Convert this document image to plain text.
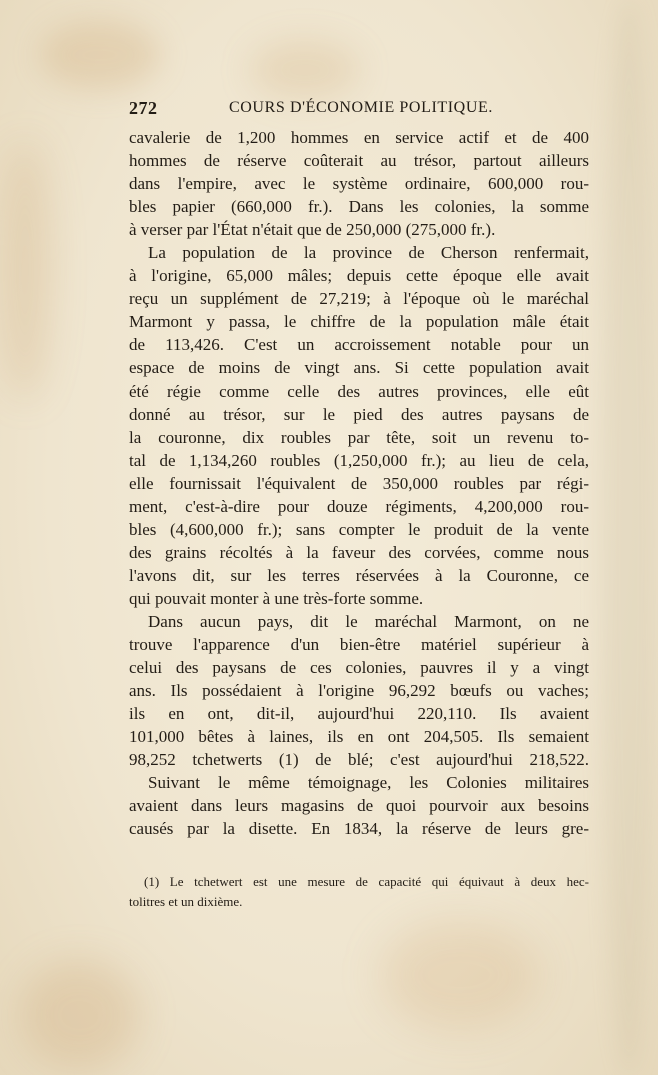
272	COURS D'ÉCONOMIE POLITIQUE.
cavalerie de 1,200 hommes en service actif et de 400
hommes de réserve coûterait au trésor, partout ailleurs
dans l'empire, avec le système ordinaire, 600,000 rou-
bles papier (660,000 fr.). Dans les colonies, la somme
à verser par l'État n'était que de 250,000 (275,000 fr.).
La population de la province de Cherson renfermait,
à l'origine, 65,000 mâles; depuis cette époque elle avait
reçu un supplément de 27,219; à l'époque où le maréchal
Marmont y passa, le chiffre de la population mâle était
de 113,426. C'est un accroissement notable pour un
espace de moins de vingt ans. Si cette population avait
été régie comme celle des autres provinces, elle eût
donné au trésor, sur le pied des autres paysans de
la couronne, dix roubles par tête, soit un revenu to-
tal de 1,134,260 roubles (1,250,000 fr.); au lieu de cela,
elle fournissait l'équivalent de 350,000 roubles par régi-
ment, c'est-à-dire pour douze régiments, 4,200,000 rou-
bles (4,600,000 fr.); sans compter le produit de la vente
des grains récoltés à la faveur des corvées, comme nous
l'avons dit, sur les terres réservées à la Couronne, ce
qui pouvait monter à une très-forte somme.
Dans aucun pays, dit le maréchal Marmont, on ne
trouve l'apparence d'un bien-être matériel supérieur à
celui des paysans de ces colonies, pauvres il y a vingt
ans. Ils possédaient à l'origine 96,292 bœufs ou vaches;
ils en ont, dit-il, aujourd'hui 220,110. Ils avaient
101,000 bêtes à laines, ils en ont 204,505. Ils semaient
98,252 tchetwerts (1) de blé; c'est aujourd'hui 218,522.
Suivant le même témoignage, les Colonies militaires
avaient dans leurs magasins de quoi pourvoir aux besoins
causés par la disette. En 1834, la réserve de leurs gre-
(1) Le tchetwert est une mesure de capacité qui équivaut à deux hec-
tolitres et un dixième.
